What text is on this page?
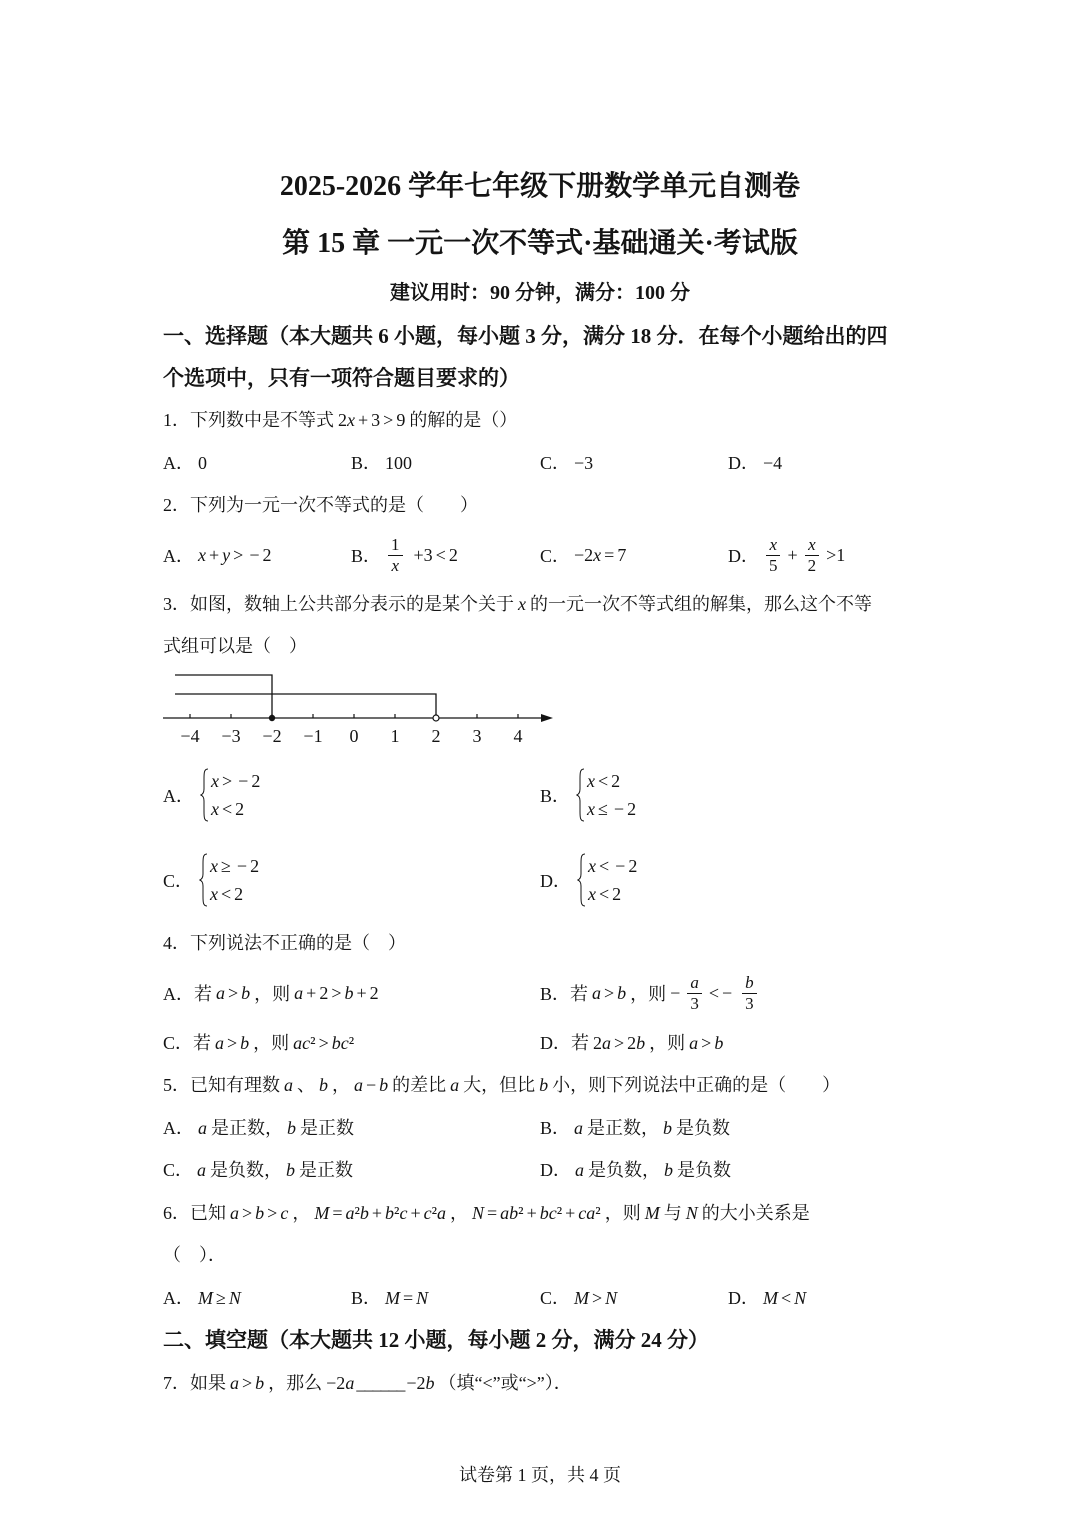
2025-2026 学年七年级下册数学单元自测卷
第 15 章 一元一次不等式·基础通关·考试版
建议用时：90 分钟，满分：100 分
一、选择题（本大题共 6 小题，每小题 3 分，满分 18 分．在每个小题给出的四
个选项中，只有一项符合题目要求的）
1．下列数中是不等式 2x + 3 > 9 的解的是（）
A． 0	B． 100	C． −3	D． −4
2．下列为一元一次不等式的是（　　）
A． x + y > − 2	B． $\frac{1}{x} +3 < 2$	C． −2x = 7	D． $\frac{x}{5} + \frac{x}{2} >1$
3．如图，数轴上公共部分表示的是某个关于 x 的一元一次不等式组的解集，那么这个不等
式组可以是（　）
−4 −3 −2 −1 0 1 2 3 4
A．
x > − 2
x < 2
B．
x < 2
x ≤ − 2
C．
x ≥ − 2
x < 2
D．
x < − 2
x < 2
4．下列说法不正确的是（　）
A． 若 a > b ，则 a + 2 > b + 2	B． 若 a > b ，则 − $\frac{a}{3}$ < − $\frac{b}{3}$
C．若 a > b ，则 ac² > bc²	D．若 2a > 2b ，则 a > b
5．已知有理数 a 、 b ， a − b 的差比 a 大，但比 b 小，则下列说法中正确的是（　　）
A． a 是正数， b 是正数	B． a 是正数， b 是负数
C． a 是负数， b 是正数	D． a 是负数， b 是负数
6．已知 a > b > c ， M = a²b + b²c + c²a ， N = ab² + bc² + ca² ，则 M 与 N 的大小关系是
（　）．
A． M ≥ N	B． M = N	C． M > N	D． M < N
二、填空题（本大题共 12 小题，每小题 2 分，满分 24 分）
7．如果 a > b ，那么 −2a ______ −2b （填“<”或“>”）．
试卷第 1 页，共 4 页
